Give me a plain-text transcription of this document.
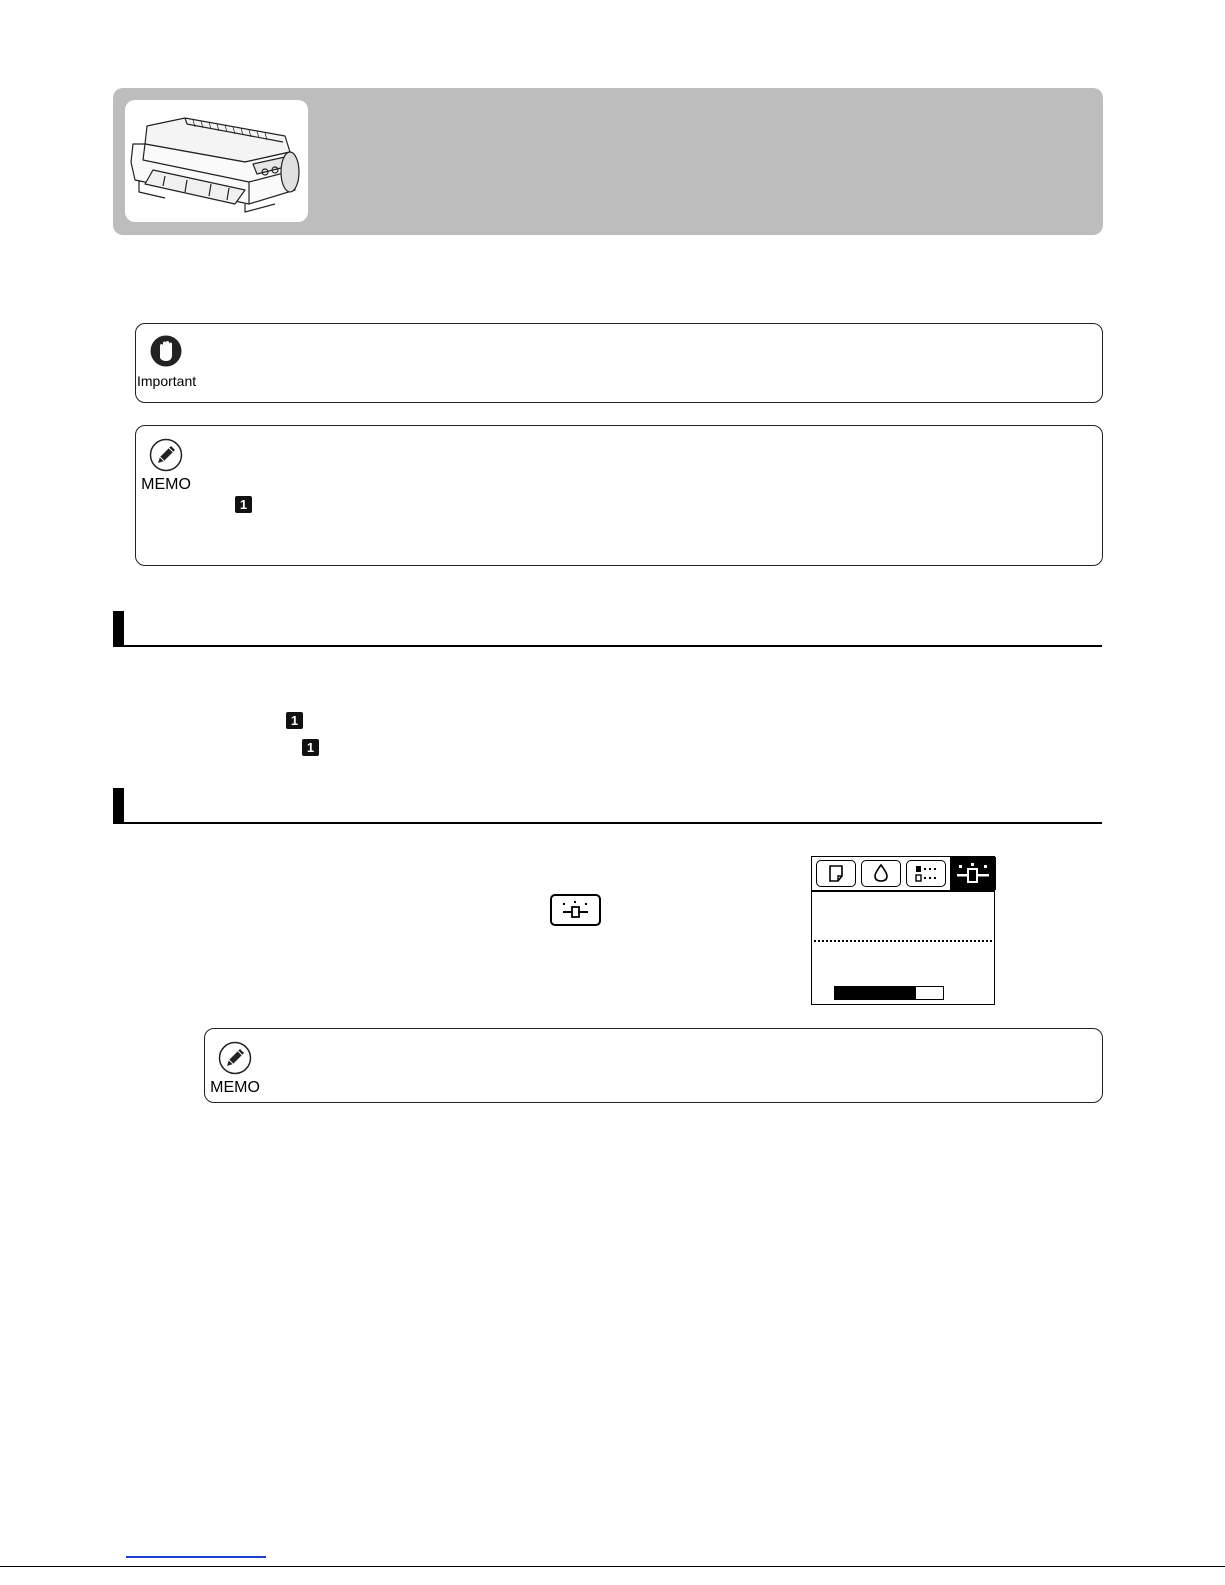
Important
MEMO
1
1
1
MEMO
